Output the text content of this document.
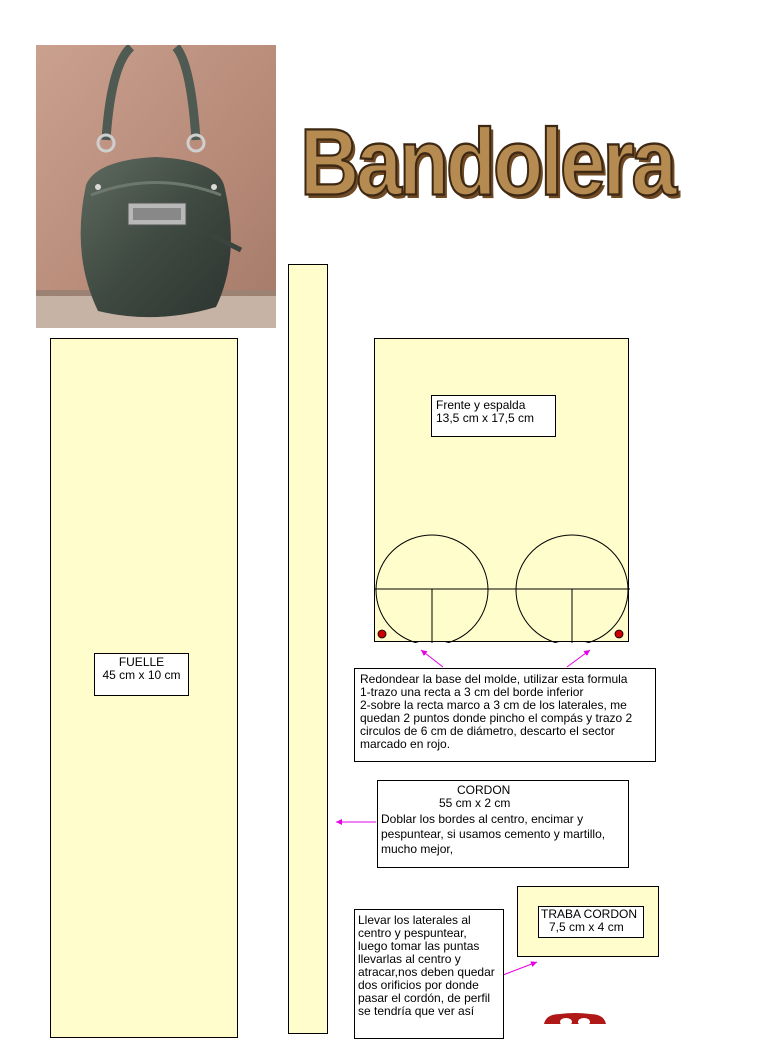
Bandolera
FUELLE
45 cm x 10 cm
Frente y espalda
13,5 cm x 17,5 cm
Redondear la base del molde, utilizar esta formula
1-trazo una recta a 3 cm del borde inferior
2-sobre la recta marco a 3 cm de los laterales, me
quedan 2 puntos donde pincho el compás y trazo 2
circulos de 6 cm de diámetro, descarto el sector
marcado en rojo.
CORDON
55 cm x 2 cm
Doblar los bordes al centro, encimar y
pespuntear, si usamos cemento y martillo,
mucho mejor,
TRABA CORDON
7,5 cm x 4 cm
Llevar los laterales al
centro y pespuntear,
luego tomar las puntas
llevarlas al centro y
atracar,nos deben quedar
dos orificios por donde
pasar el cordón, de perfil
se tendría que ver así
